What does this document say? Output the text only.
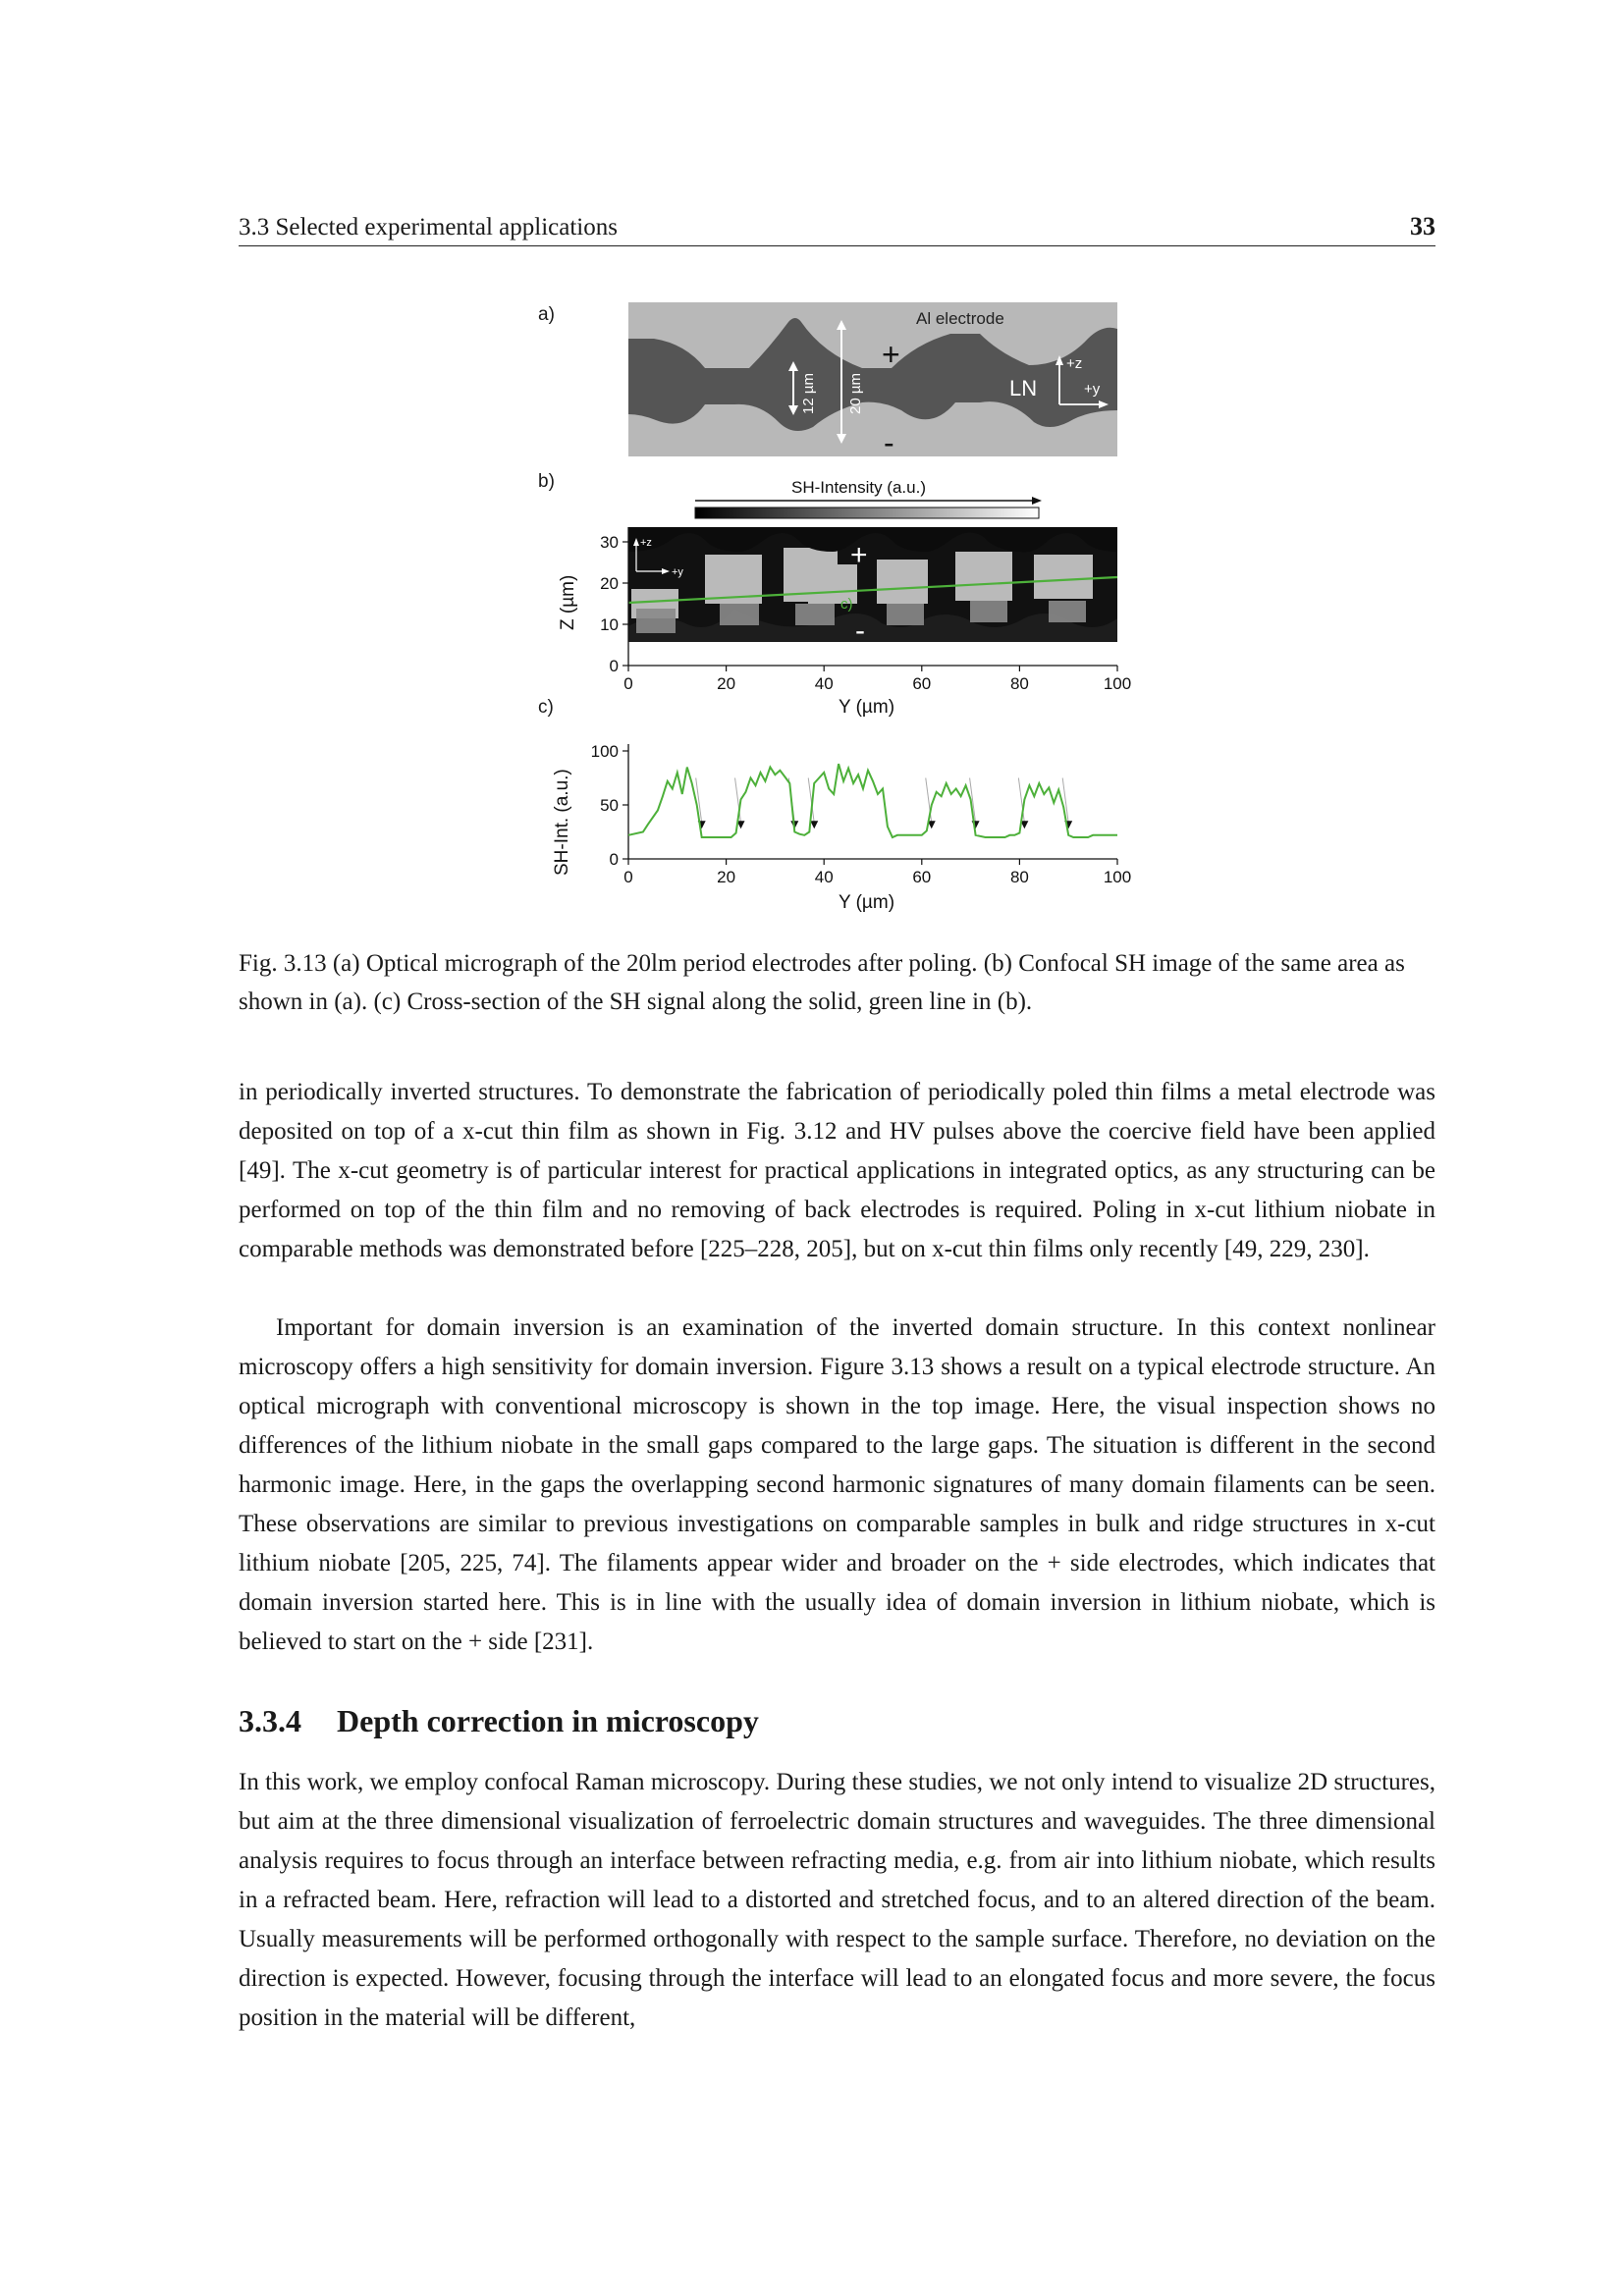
3.3 Selected experimental applications	33
Al electrode
+
-
LN
12 µm 20 µm
+z
+y
SH-Intensity (a.u.)
c)
+
-
+z
+y
0
10
20
30
0	20	40	60	80	100
Z (µm)
Y (µm)
0
50
100
0	20	40	60	80	100
SH-Int. (a.u.)
Y (µm)
a)
b)
c)
Fig. 3.13 (a) Optical micrograph of the 20lm period electrodes after poling. (b) Confocal SH image of the same area as shown in (a). (c) Cross-section of the SH signal along the solid, green line in (b).
in periodically inverted structures. To demonstrate the fabrication of periodically poled thin films a metal electrode was deposited on top of a x-cut thin film as shown in Fig. 3.12 and HV pulses above the coercive field have been applied [49]. The x-cut geometry is of particular interest for practical applications in integrated optics, as any structuring can be performed on top of the thin film and no removing of back electrodes is required. Poling in x-cut lithium niobate in comparable methods was demonstrated before [225–228, 205], but on x-cut thin films only recently [49, 229, 230].
Important for domain inversion is an examination of the inverted domain structure. In this context nonlinear microscopy offers a high sensitivity for domain inversion. Figure 3.13 shows a result on a typical electrode structure. An optical micrograph with conventional microscopy is shown in the top image. Here, the visual inspection shows no differences of the lithium niobate in the small gaps compared to the large gaps. The situation is different in the second harmonic image. Here, in the gaps the overlapping second harmonic signatures of many domain filaments can be seen. These observations are similar to previous investigations on comparable samples in bulk and ridge structures in x-cut lithium niobate [205, 225, 74]. The filaments appear wider and broader on the + side electrodes, which indicates that domain inversion started here. This is in line with the usually idea of domain inversion in lithium niobate, which is believed to start on the + side [231].
3.3.4 Depth correction in microscopy
In this work, we employ confocal Raman microscopy. During these studies, we not only intend to visualize 2D structures, but aim at the three dimensional visualization of ferroelectric domain structures and waveguides. The three dimensional analysis requires to focus through an interface between refracting media, e.g. from air into lithium niobate, which results in a refracted beam. Here, refraction will lead to a distorted and stretched focus, and to an altered direction of the beam. Usually measurements will be performed orthogonally with respect to the sample surface. Therefore, no deviation on the direction is expected. However, focusing through the interface will lead to an elongated focus and more severe, the focus position in the material will be different,
